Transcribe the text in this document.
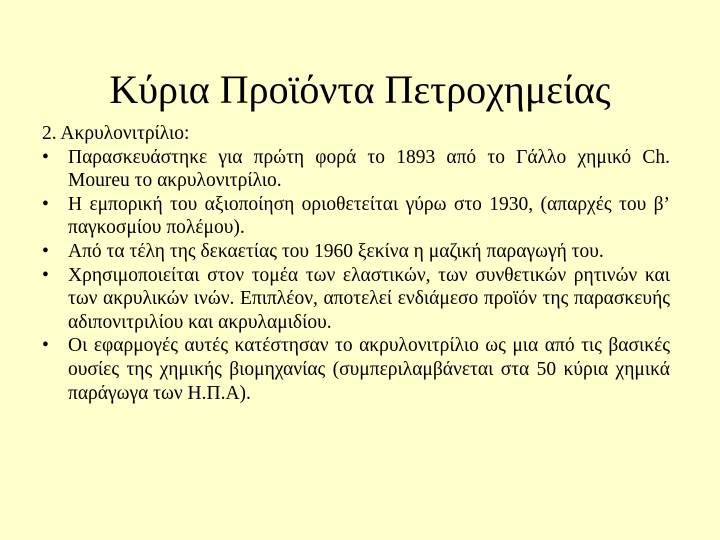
Κύρια Προϊόντα Πετροχημείας

2. Ακρυλονιτρίλιο:

• Παρασκευάστηκε για πρώτη φορά το 1893 από το Γάλλο χημικό Ch. Moureu το ακρυλονιτρίλιο.
• Η εμπορική του αξιοποίηση οριοθετείται γύρω στο 1930, (απαρχές του β’ παγκοσμίου πολέμου).
• Από τα τέλη της δεκαετίας του 1960 ξεκίνα η μαζική παραγωγή του.
• Χρησιμοποιείται στον τομέα των ελαστικών, των συνθετικών ρητινών και των ακρυλικών ινών. Επιπλέον, αποτελεί ενδιάμεσο προϊόν της παρασκευής αδιπονιτριλίου και ακρυλαμιδίου.
• Οι εφαρμογές αυτές κατέστησαν το ακρυλονιτρίλιο ως μια από τις βασικές ουσίες της χημικής βιομηχανίας (συμπεριλαμβάνεται στα 50 κύρια χημικά παράγωγα των Η.Π.Α).
